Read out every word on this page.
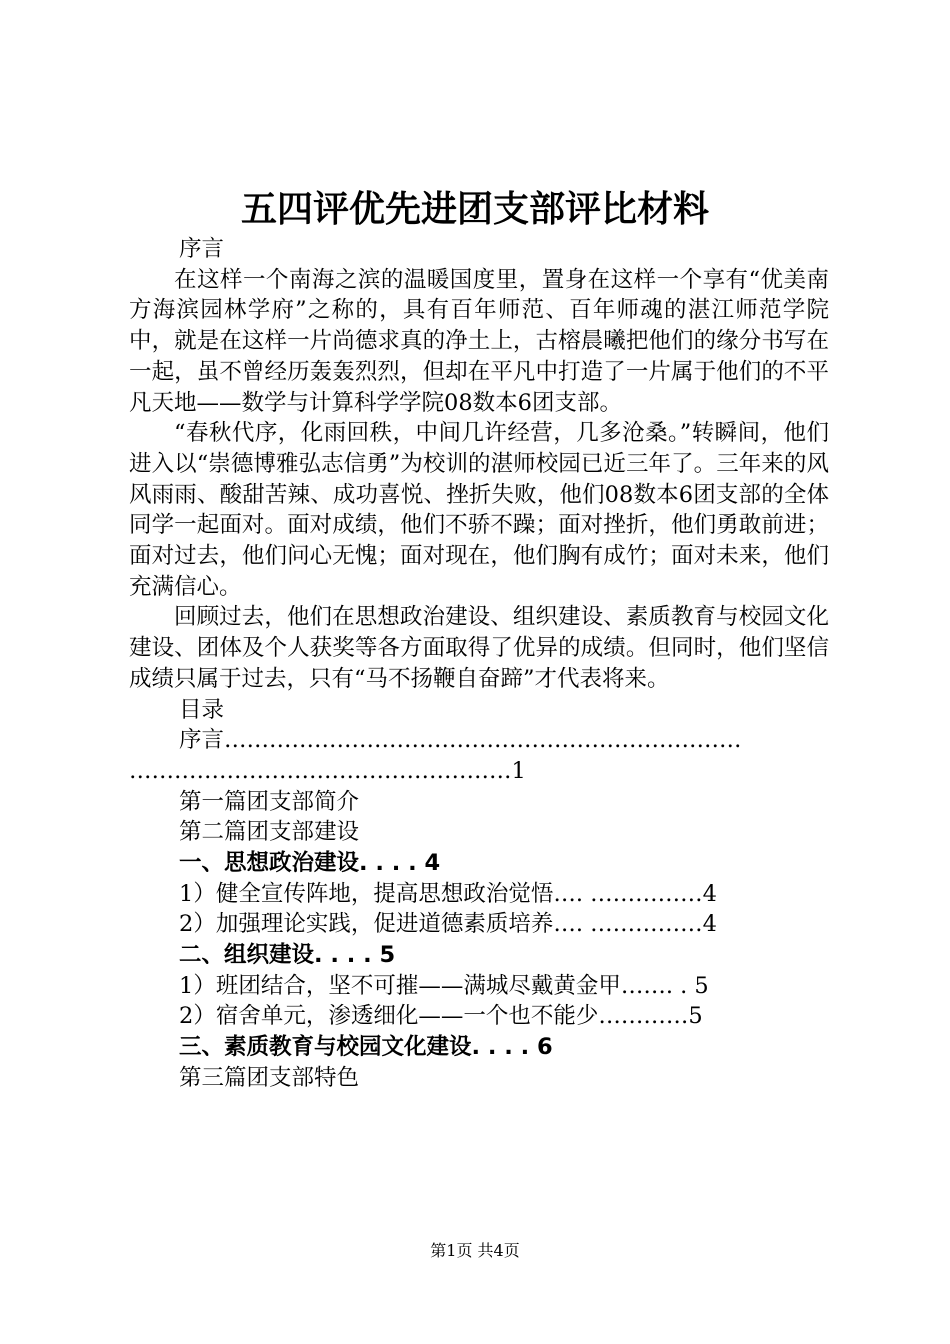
五四评优先进团支部评比材料
序言

在这样一个南海之滨的温暖国度里，置身在这样一个享有“优美南方海滨园林学府”之称的，具有百年师范、百年师魂的湛江师范学院中，就是在这样一片尚德求真的净土上，古榕晨曦把他们的缘分书写在一起，虽不曾经历轰轰烈烈，但却在平凡中打造了一片属于他们的不平凡天地——数学与计算科学学院08数本6团支部。

“春秋代序，化雨回秩，中间几许经营，几多沧桑。”转瞬间，他们进入以“崇德博雅弘志信勇”为校训的湛师校园已近三年了。三年来的风风雨雨、酸甜苦辣、成功喜悦、挫折失败，他们08数本6团支部的全体同学一起面对。面对成绩，他们不骄不躁；面对挫折，他们勇敢前进；面对过去，他们问心无愧；面对现在，他们胸有成竹；面对未来，他们充满信心。

回顾过去，他们在思想政治建设、组织建设、素质教育与校园文化建设、团体及个人获奖等各方面取得了优异的成绩。但同时，他们坚信成绩只属于过去，只有“马不扬鞭自奋蹄”才代表将来。

目录
序言……………………………………………………………
……………………………………………1
第一篇团支部简介
第二篇团支部建设
一、思想政治建设. . . . 4
1）健全宣传阵地，提高思想政治觉悟…. ……………4
2）加强理论实践，促进道德素质培养…. ……………4
二、组织建设. . . . 5
1）班团结合，坚不可摧——满城尽戴黄金甲……. . 5
2）宿舍单元，渗透细化——一个也不能少…………5
三、素质教育与校园文化建设. . . . 6
第三篇团支部特色
第1页 共4页
